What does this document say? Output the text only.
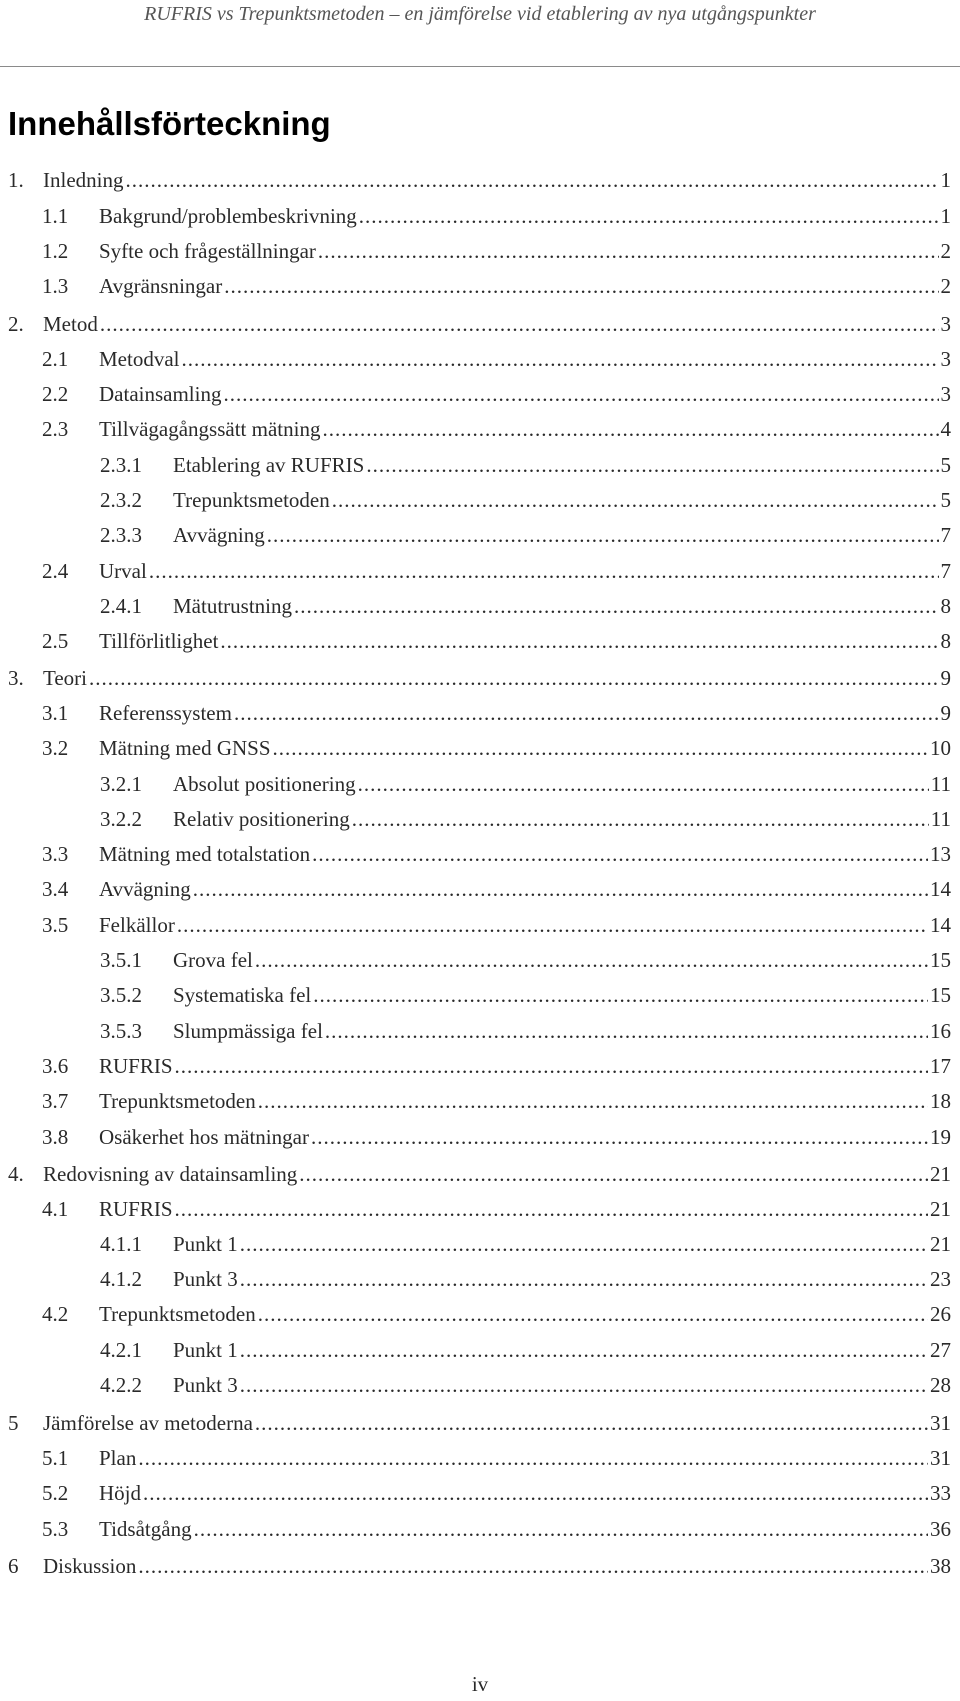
RUFRIS vs Trepunktsmetoden – en jämförelse vid etablering av nya utgångspunkter
Innehållsförteckning
1. Inledning .....	1
1.1	Bakgrund/problembeskrivning .....	1
1.2	Syfte och frågeställningar .....	2
1.3	Avgränsningar .....	2
2. Metod .....	3
2.1	Metodval .....	3
2.2	Datainsamling .....	3
2.3	Tillvägagångssätt mätning .....	4
2.3.1	Etablering av RUFRIS .....	5
2.3.2	Trepunktsmetoden .....	5
2.3.3	Avvägning .....	7
2.4	Urval .....	7
2.4.1	Mätutrustning .....	8
2.5	Tillförlitlighet .....	8
3. Teori .....	9
3.1	Referenssystem .....	9
3.2	Mätning med GNSS .....	10
3.2.1	Absolut positionering .....	11
3.2.2	Relativ positionering .....	11
3.3	Mätning med totalstation .....	13
3.4	Avvägning .....	14
3.5	Felkällor .....	14
3.5.1	Grova fel .....	15
3.5.2	Systematiska fel .....	15
3.5.3	Slumpmässiga fel .....	16
3.6	RUFRIS .....	17
3.7	Trepunktsmetoden .....	18
3.8	Osäkerhet hos mätningar .....	19
4. Redovisning av datainsamling .....	21
4.1	RUFRIS .....	21
4.1.1	Punkt 1 .....	21
4.1.2	Punkt 3 .....	23
4.2	Trepunktsmetoden .....	26
4.2.1	Punkt 1 .....	27
4.2.2	Punkt 3 .....	28
5	Jämförelse av metoderna .....	31
5.1	Plan .....	31
5.2	Höjd .....	33
5.3	Tidsåtgång .....	36
6	Diskussion .....	38
iv
